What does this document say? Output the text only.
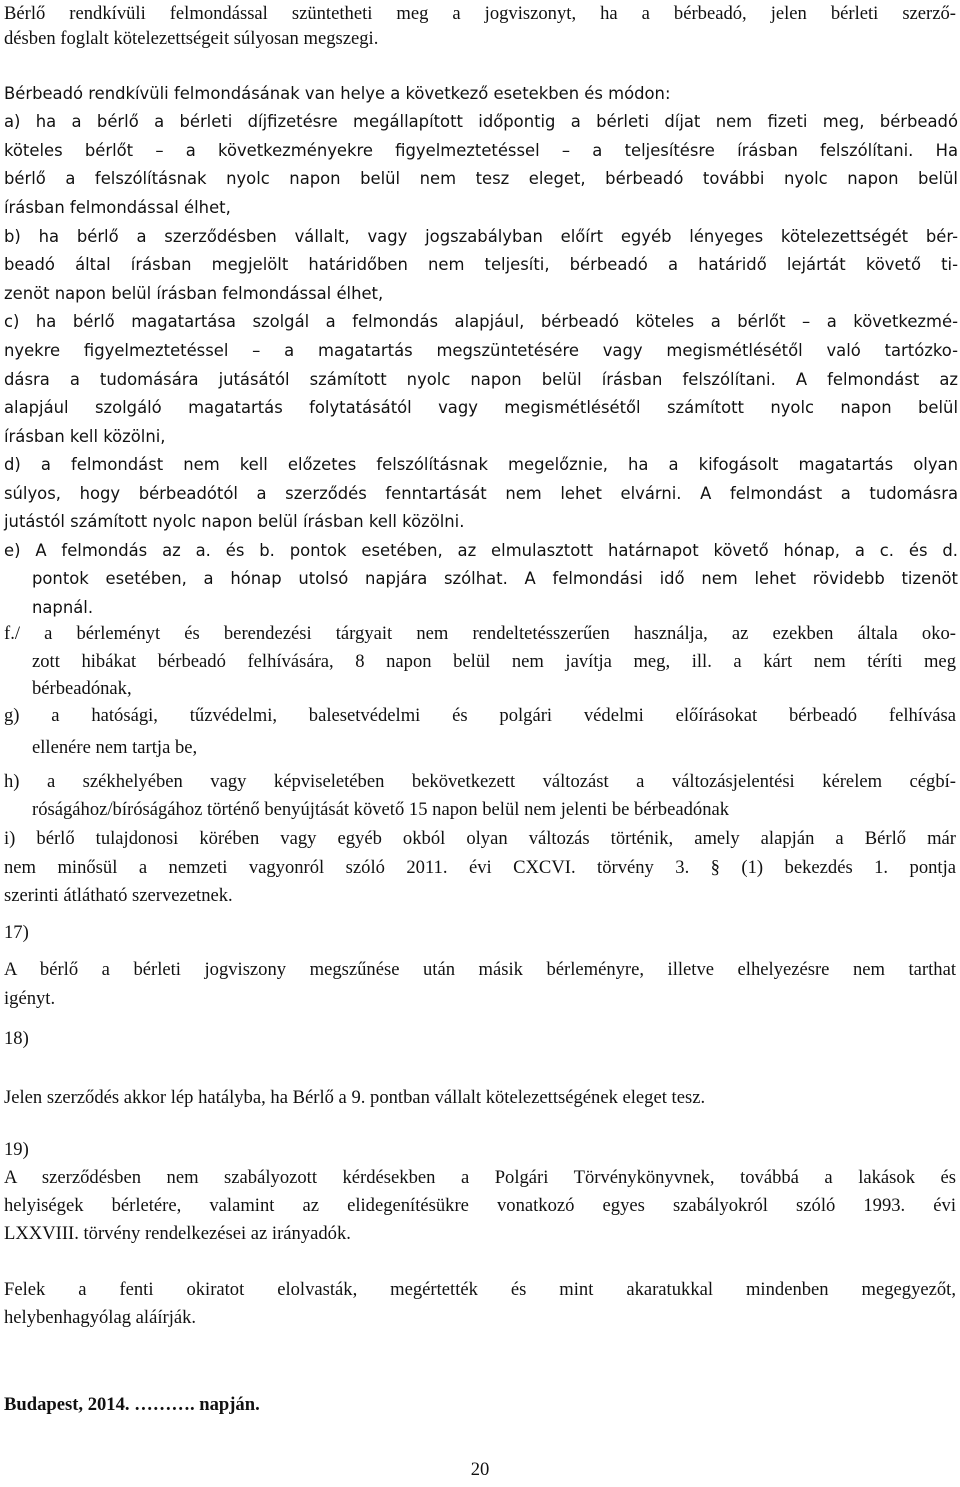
Bérlő rendkívüli felmondással szüntetheti meg a jogviszonyt, ha a bérbeadó, jelen bérleti szerző-

désben foglalt kötelezettségeit súlyosan megszegi.

Bérbeadó rendkívüli felmondásának van helye a következő esetekben és módon:

a) ha a bérlő a bérleti díjfizetésre megállapított időpontig a bérleti díjat nem fizeti meg, bérbeadó

köteles bérlőt – a következményekre figyelmeztetéssel – a teljesítésre írásban felszólítani. Ha

bérlő a felszólításnak nyolc napon belül nem tesz eleget, bérbeadó további nyolc napon belül

írásban felmondással élhet,

b) ha bérlő a szerződésben vállalt, vagy jogszabályban előírt egyéb lényeges kötelezettségét bér-

beadó által írásban megjelölt határidőben nem teljesíti, bérbeadó a határidő lejártát követő ti-

zenöt napon belül írásban felmondással élhet,

c) ha bérlő magatartása szolgál a felmondás alapjául, bérbeadó köteles a bérlőt – a következmé-

nyekre figyelmeztetéssel – a magatartás megszüntetésére vagy megismétlésétől való tartózko-

dásra a tudomására jutásától számított nyolc napon belül írásban felszólítani. A felmondást az

alapjául szolgáló magatartás folytatásától vagy megismétlésétől számított nyolc napon belül

írásban kell közölni,

d) a felmondást nem kell előzetes felszólításnak megelőznie, ha a kifogásolt magatartás olyan

súlyos, hogy bérbeadótól a szerződés fenntartását nem lehet elvárni. A felmondást a tudomásra

jutástól számított nyolc napon belül írásban kell közölni.

e) A felmondás az a. és b. pontok esetében, az elmulasztott határnapot követő hónap, a c. és d.

pontok esetében, a hónap utolsó napjára szólhat. A felmondási idő nem lehet rövidebb tizenöt

napnál.

f./ a bérleményt és berendezési tárgyait nem rendeltetésszerűen használja, az ezekben általa oko-

zott hibákat bérbeadó felhívására, 8 napon belül nem javítja meg, ill. a kárt nem téríti meg

bérbeadónak,

g) a hatósági, tűzvédelmi, balesetvédelmi és polgári védelmi előírásokat bérbeadó felhívása

ellenére nem tartja be,

h) a székhelyében vagy képviseletében bekövetkezett változást a változásjelentési kérelem cégbí-

róságához/bíróságához történő benyújtását követő 15 napon belül nem jelenti be bérbeadónak

i) bérlő tulajdonosi körében vagy egyéb okból olyan változás történik, amely alapján a Bérlő már

nem minősül a nemzeti vagyonról szóló 2011. évi CXCVI. törvény 3. § (1) bekezdés 1. pontja

szerinti átlátható szervezetnek.

17)

A bérlő a bérleti jogviszony megszűnése után másik bérleményre, illetve elhelyezésre nem tarthat

igényt.

18)

Jelen szerződés akkor lép hatályba, ha Bérlő a 9. pontban vállalt kötelezettségének eleget tesz.

19)

A szerződésben nem szabályozott kérdésekben a Polgári Törvénykönyvnek, továbbá a lakások és

helyiségek bérletére, valamint az elidegenítésükre vonatkozó egyes szabályokról szóló 1993. évi

LXXVIII. törvény rendelkezései az irányadók.

Felek a fenti okiratot elolvasták, megértették és mint akaratukkal mindenben megegyezőt,

helybenhagyólag aláírják.

Budapest, 2014. ………. napján.

20
